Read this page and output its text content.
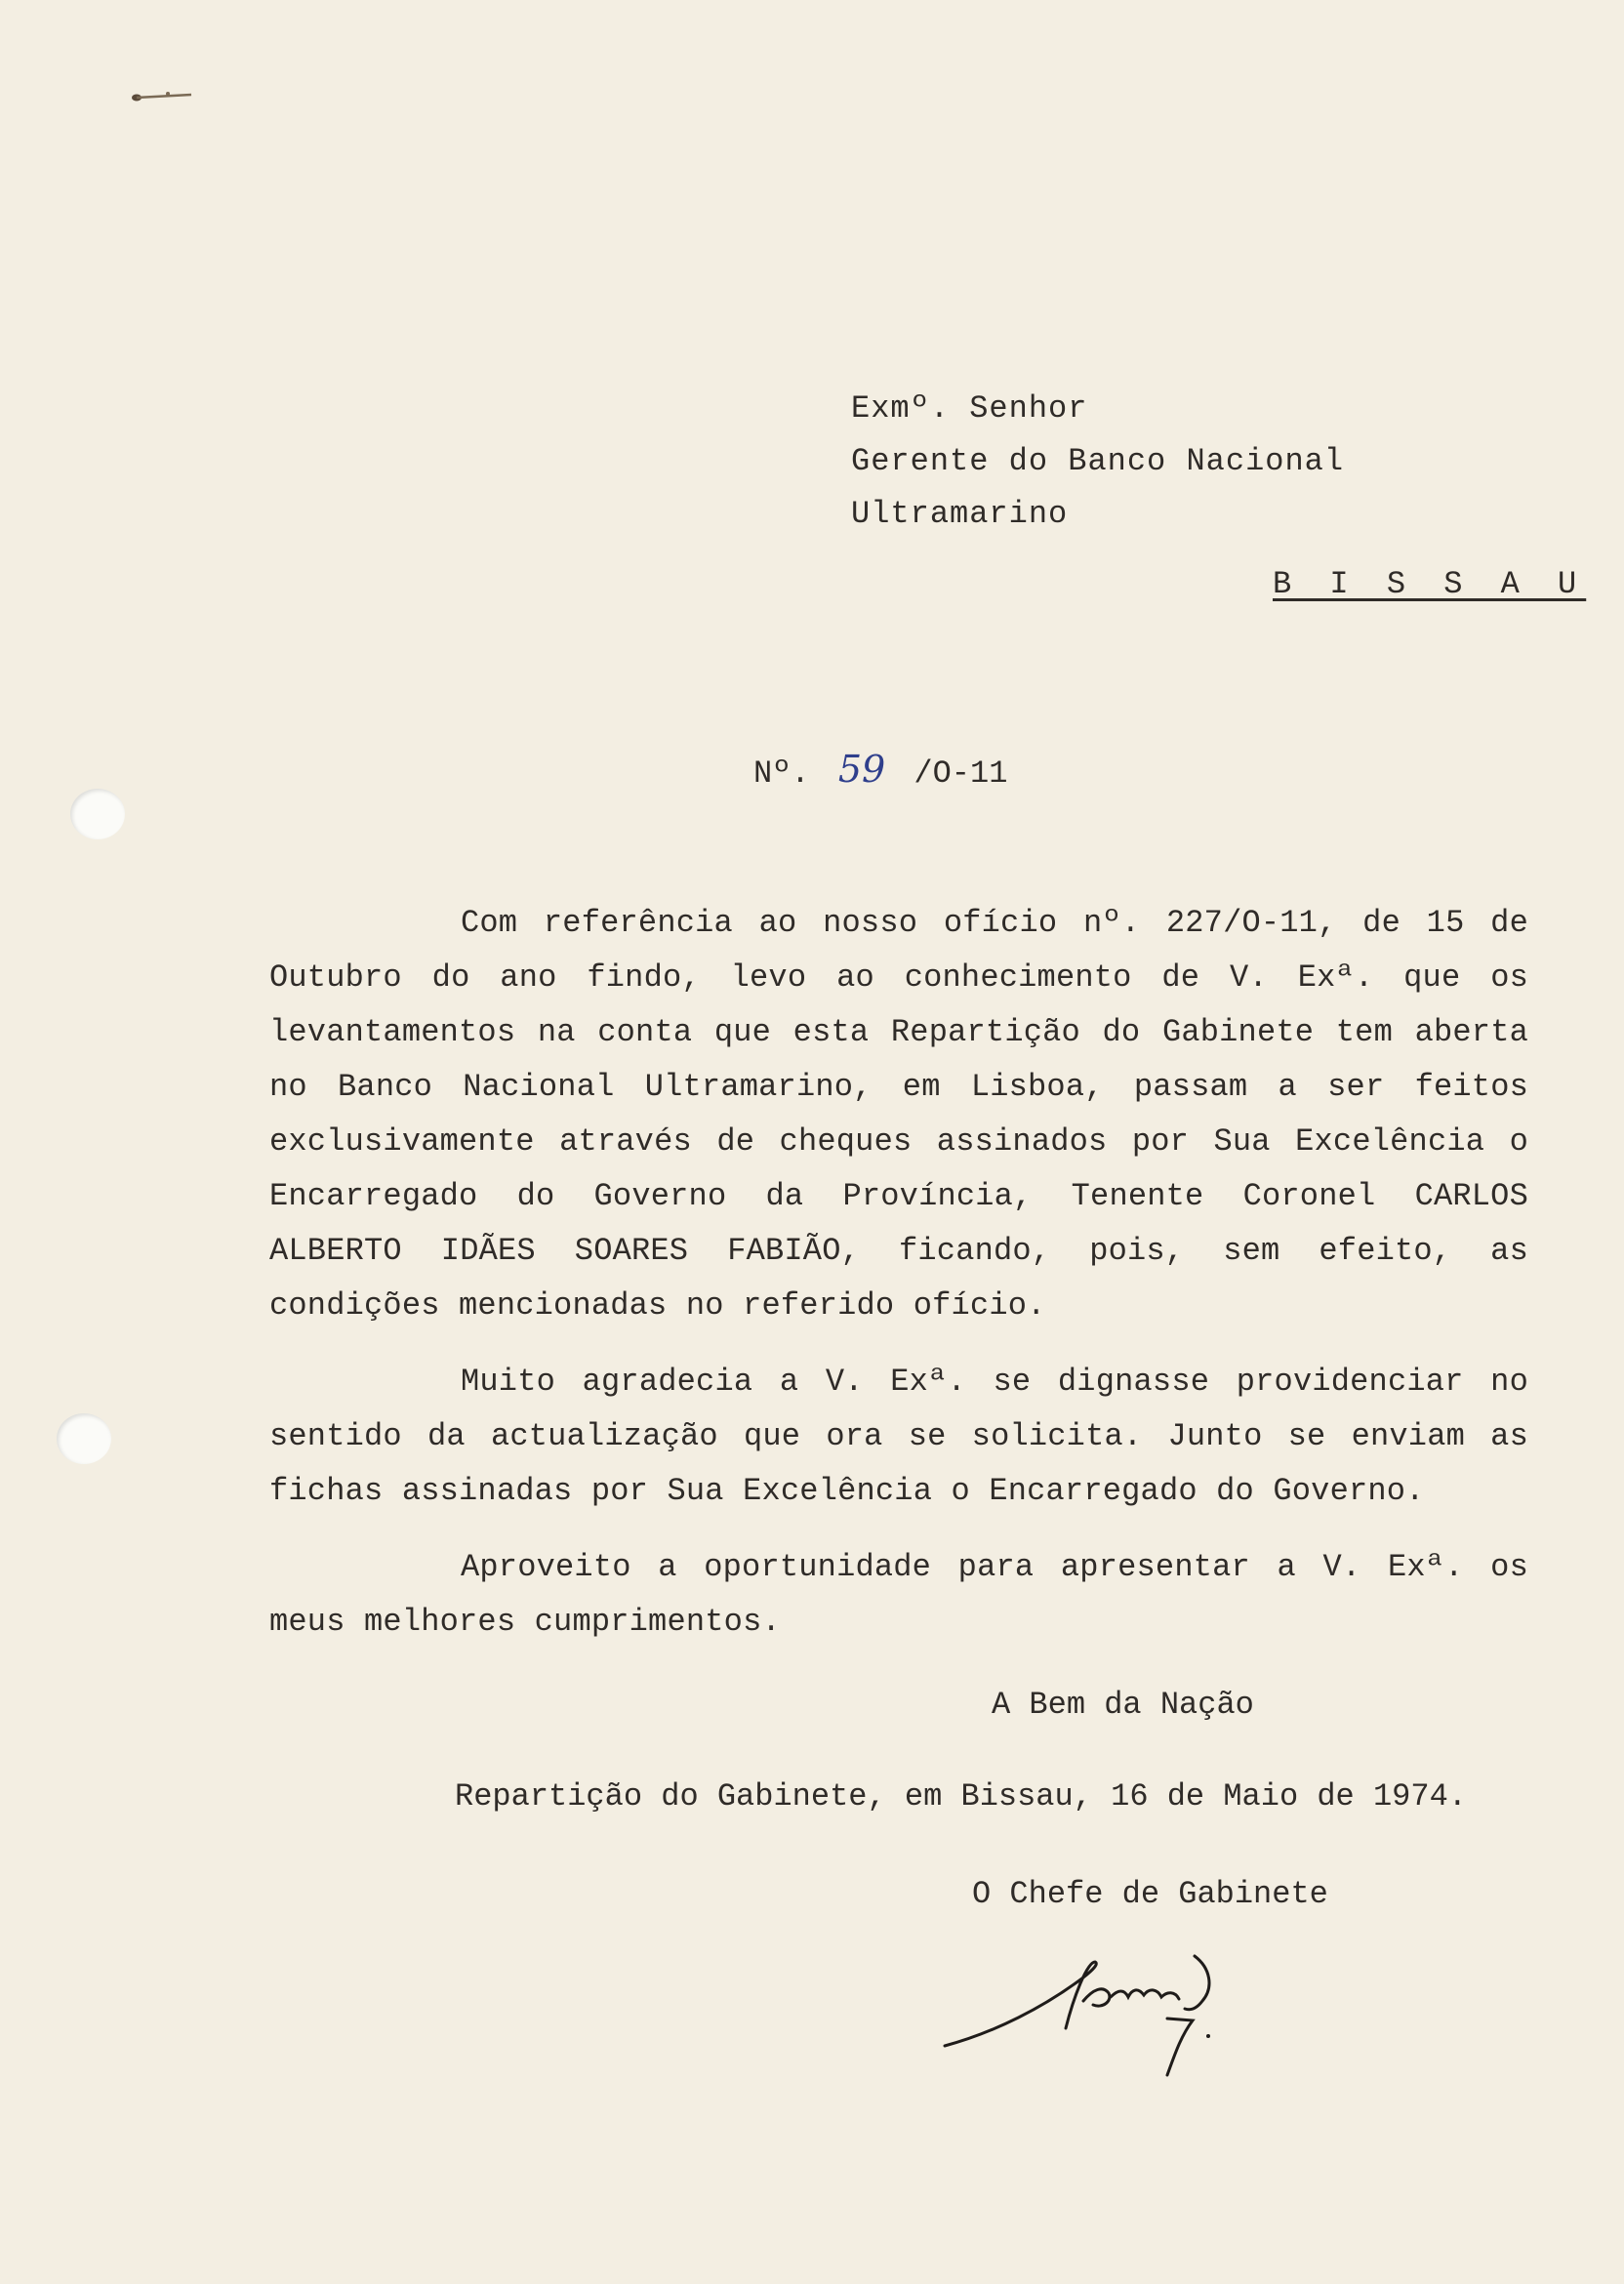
Exmº. Senhor
Gerente do Banco Nacional
Ultramarino
B I S S A U
Nº. 59 /O-11

Com referência ao nosso ofício nº. 227/O-11, de 15 de Outubro do ano findo, levo ao conhecimento de V. Exª. que os levantamentos na conta que esta Repartição do Gabinete tem aberta no Banco Nacional Ultramarino, em Lisboa, passam a ser feitos exclusivamente através de cheques assinados por Sua Excelência o Encarregado do Governo da Província, Tenente Coronel CARLOS ALBERTO IDÃES SOARES FABIÃO, ficando, pois, sem efeito, as condições mencionadas no referido ofício.

Muito agradecia a V. Exª. se dignasse providenciar no sentido da actualização que ora se solicita. Junto se enviam as fichas assinadas por Sua Excelência o Encarregado do Governo.

Aproveito a oportunidade para apresentar a V. Exª. os meus melhores cumprimentos.

A Bem da Nação
Repartição do Gabinete, em Bissau, 16 de Maio de 1974.
O Chefe de Gabinete
